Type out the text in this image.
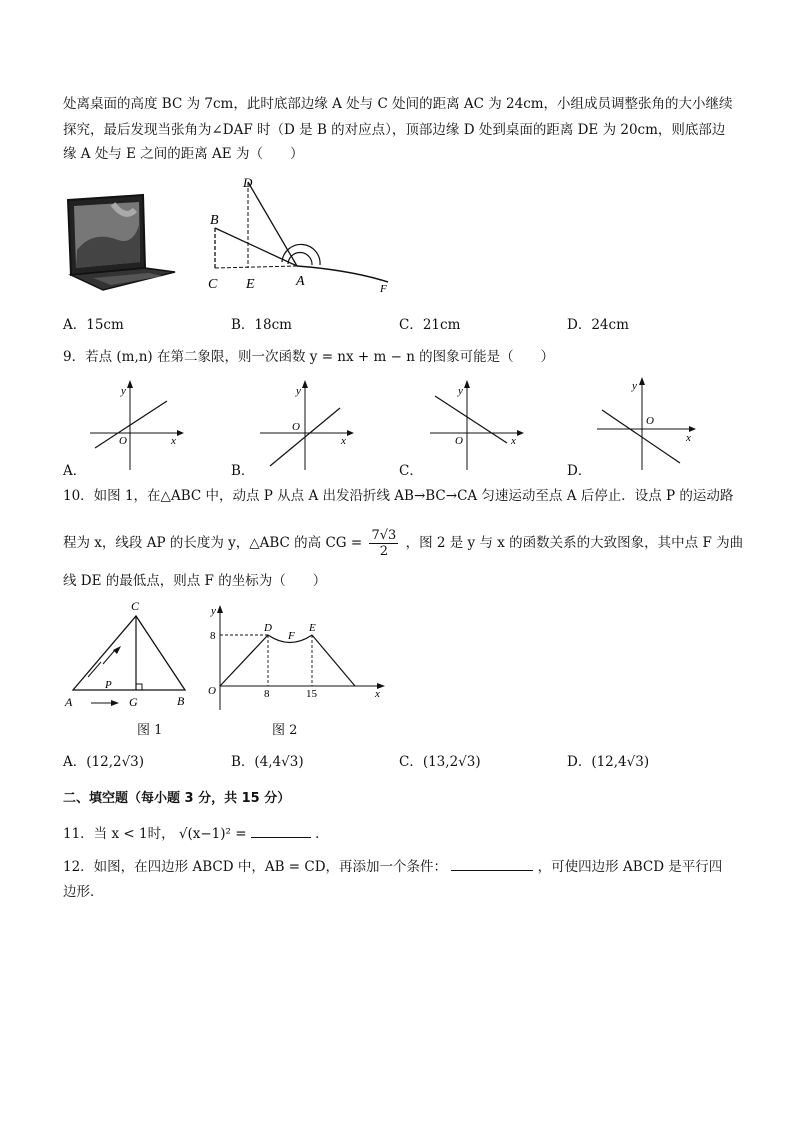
处离桌面的高度 BC 为 7cm，此时底部边缘 A 处与 C 处间的距离 AC 为 24cm，小组成员调整张角的大小继续
探究，最后发现当张角为∠DAF 时（D 是 B 的对应点），顶部边缘 D 处到桌面的距离 DE 为 20cm，则底部边
缘 A 处与 E 之间的距离 AE 为（　　）
D
B
C E	A	F
A．15cm	B．18cm	C．21cm	D．24cm
9．若点 (m,n) 在第二象限，则一次函数 y = nx + m − n 的图象可能是（　　）
y
x
O
y
x
O
y
x
O
y
x
O
A．	B．	C．	D．
10．如图 1，在△ABC 中，动点 P 从点 A 出发沿折线 AB→BC→CA 匀速运动至点 A 后停止．设点 P 的运动路
程为 x，线段 AP 的长度为 y，△ABC 的高 CG = $\frac{7√3}{2}$ ，图 2 是 y 与 x 的函数关系的大致图象，其中点 F 为曲
线 DE 的最低点，则点 F 的坐标为（　　）
C
P
A	G	B
图 1
y
8
D
F
E
O	8	15	x
图 2
A．(12,2√3)	B．(4,4√3)	C．(13,2√3)	D．(12,4√3)
二、填空题（每小题 3 分，共 15 分）
11．当 x < 1时， √(x−1)² =	．
12．如图，在四边形 ABCD 中，AB = CD，再添加一个条件：	，可使四边形 ABCD 是平行四
边形．
